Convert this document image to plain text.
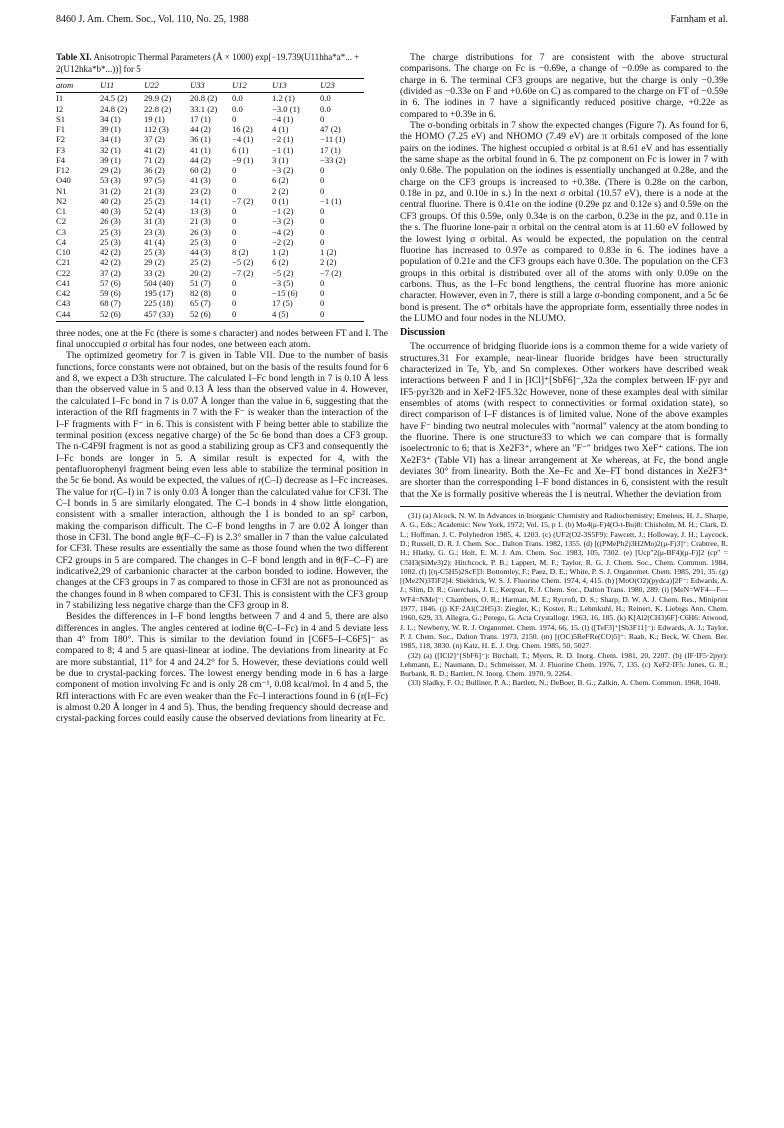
8460 J. Am. Chem. Soc., Vol. 110, No. 25, 1988	Farnham et al.
Table XI. Anisotropic Thermal Parameters (Å × 1000) exp[−19.739(U11hha*a*... + 2(U12hka*b*...))] for 5
atom	U11	U22	U33	U12	U13	U23
I1	24.5 (2)	29.9 (2)	20.8 (2)	0.0	1.2 (1)	0.0
I2	24.8 (2)	22.8 (2)	33.1 (2)	0.0	−3.0 (1)	0.0
S1	34 (1)	19 (1)	17 (1)	0	−4 (1)	0
F1	39 (1)	112 (3)	44 (2)	16 (2)	4 (1)	47 (2)
F2	34 (1)	37 (2)	36 (1)	−4 (1)	−2 (1)	−11 (1)
F3	32 (1)	41 (2)	41 (1)	6 (1)	−1 (1)	17 (1)
F4	39 (1)	71 (2)	44 (2)	−9 (1)	3 (1)	−33 (2)
F12	29 (2)	36 (2)	60 (2)	0	−3 (2)	0
O40	53 (3)	97 (5)	41 (3)	0	6 (2)	0
N1	31 (2)	21 (3)	23 (2)	0	2 (2)	0
N2	40 (2)	25 (2)	14 (1)	−7 (2)	0 (1)	−1 (1)
C1	40 (3)	52 (4)	13 (3)	0	−1 (2)	0
C2	26 (3)	31 (3)	21 (3)	0	−3 (2)	0
C3	25 (3)	23 (3)	26 (3)	0	−4 (2)	0
C4	25 (3)	41 (4)	25 (3)	0	−2 (2)	0
C10	42 (2)	25 (3)	44 (3)	8 (2)	1 (2)	1 (2)
C21	42 (2)	29 (2)	25 (2)	−5 (2)	6 (2)	2 (2)
C22	37 (2)	33 (2)	20 (2)	−7 (2)	−5 (2)	−7 (2)
C41	57 (6)	504 (40)	51 (7)	0	−3 (5)	0
C42	59 (6)	195 (17)	82 (8)	0	−15 (6)	0
C43	68 (7)	225 (18)	65 (7)	0	17 (5)	0
C44	52 (6)	457 (33)	52 (6)	0	4 (5)	0

three nodes, one at the Fc (there is some s character) and nodes between FT and I. The final unoccupied σ orbital has four nodes, one between each atom.

The optimized geometry for 7 is given in Table VII. Due to the number of basis functions, force constants were not obtained, but on the basis of the results found for 6 and 8, we expect a D3h structure. The calculated I–Fc bond length in 7 is 0.10 Å less than the observed value in 5 and 0.13 Å less than the observed value in 4. However, the calculated I–Fc bond in 7 is 0.07 Å longer than the value in 6, suggesting that the interaction of the RfI fragments in 7 with the F⁻ is weaker than the interaction of the I–F fragments with F⁻ in 6. This is consistent with F being better able to stabilize the terminal position (excess negative charge) of the 5c 6e bond than does a CF3 group. The n-C4F9I fragment is not as good a stabilizing group as CF3 and consequently the I–Fc bonds are longer in 5. A similar result is expected for 4, with the pentafluorophenyl fragment being even less able to stabilize the terminal position in the 5c 6e bond. As would be expected, the values of r(C–I) decrease as I–Fc increases. The value for r(C–I) in 7 is only 0.03 Å longer than the calculated value for CF3I. The C–I bonds in 5 are similarly elongated. The C–I bonds in 4 show little elongation, consistent with a smaller interaction, although the I is bonded to an sp² carbon, making the comparison difficult. The C–F bond lengths in 7 are 0.02 Å longer than those in CF3I. The bond angle θ(F–C–F) is 2.3° smaller in 7 than the value calculated for CF3I. These results are essentially the same as those found when the two different CF2 groups in 5 are compared. The changes in C–F bond length and in θ(F–C–F) are indicative2,29 of carbanionic character at the carbon bonded to iodine. However, the changes at the CF3 groups in 7 as compared to those in CF3I are not as pronounced as the changes found in 8 when compared to CF3I. This is consistent with the CF3 group in 7 stabilizing less negative charge than the CF3 group in 8.

Besides the differences in I–F bond lengths between 7 and 4 and 5, there are also differences in angles. The angles centered at iodine θ(C–I–Fc) in 4 and 5 deviate less than 4° from 180°. This is similar to the deviation found in [C6F5–I–C6F5]⁻ as compared to 8; 4 and 5 are quasi-linear at iodine. The deviations from linearity at Fc are more substantial, 11° for 4 and 24.2° for 5. However, these deviations could well be due to crystal-packing forces. The lowest energy bending mode in 6 has a large component of motion involving Fc and is only 28 cm⁻¹, 0.08 kcal/mol. In 4 and 5, the RfI interactions with Fc are even weaker than the Fc–I interactions found in 6 (r(I–Fc) is almost 0.20 Å longer in 4 and 5). Thus, the bending frequency should decrease and crystal-packing forces could easily cause the observed deviations from linearity at Fc.

The charge distributions for 7 are consistent with the above structural comparisons. The charge on Fc is −0.69e, a change of −0.09e as compared to the charge in 6. The terminal CF3 groups are negative, but the charge is only −0.39e (divided as −0.33e on F and +0.60e on C) as compared to the charge on FT of −0.59e in 6. The iodines in 7 have a significantly reduced positive charge, +0.22e as compared to +0.39e in 6.

The σ-bonding orbitals in 7 show the expected changes (Figure 7). As found for 6, the HOMO (7.25 eV) and NHOMO (7.49 eV) are π orbitals composed of the lone pairs on the iodines. The highest occupied σ orbital is at 8.61 eV and has essentially the same shape as the orbital found in 6. The pz component on Fc is lower in 7 with only 0.68e. The population on the iodines is essentially unchanged at 0.28e, and the charge on the CF3 groups is increased to +0.38e. (There is 0.28e on the carbon, 0.18e in pz, and 0.10e in s.) In the next σ orbital (10.57 eV), there is a node at the central fluorine. There is 0.41e on the iodine (0.29e pz and 0.12e s) and 0.59e on the CF3 groups. Of this 0.59e, only 0.34e is on the carbon, 0.23e in the pz, and 0.11e in the s. The fluorine lone-pair π orbital on the central atom is at 11.60 eV followed by the lowest lying σ orbital. As would be expected, the population on the central fluorine has increased to 0.97e as compared to 0.83e in 6. The iodines have a population of 0.21e and the CF3 groups each have 0.30e. The population on the CF3 groups in this orbital is distributed over all of the atoms with only 0.09e on the carbons. Thus, as the I–Fc bond lengthens, the central fluorine has more anionic character. However, even in 7, there is still a large σ-bonding component, and a 5c 6e bond is present. The σ* orbitals have the appropriate form, essentially three nodes in the LUMO and four nodes in the NLUMO.

Discussion

The occurrence of bridging fluoride ions is a common theme for a wide variety of structures.31 For example, near-linear fluoride bridges have been structurally characterized in Te, Yb, and Sn complexes. Other workers have described weak interactions between F and I in [ICl]⁺[SbF6]⁻,32a the complex between IF·pyr and IF5·pyr32b and in XeF2·IF5.32c However, none of these examples deal with similar ensembles of atoms (with respect to connectivities or formal oxidation state), so direct comparison of I–F distances is of limited value. None of the above examples have F⁻ binding two neutral molecules with "normal" valency at the atom bonding to the fluorine. There is one structure33 to which we can compare that is formally isoelectronic to 6; that is Xe2F3⁺, where an "F⁻" bridges two XeF⁺ cations. The ion Xe2F3⁺ (Table VI) has a linear arrangement at Xe whereas, at Fc, the bond angle deviates 30° from linearity. Both the Xe–Fc and Xe–FT bond distances in Xe2F3⁺ are shorter than the corresponding I–F bond distances in 6, consistent with the result that the Xe is formally positive whereas the I is neutral. Whether the deviation from

(31) (a) Alcock, N. W. In Advances in Inorganic Chemistry and Radiochemistry; Emeleus, H. J., Sharpe, A. G., Eds.; Academic: New York, 1972; Vol. 15, p 1. (b) Mo4(μ-F)4(O-t-Bu)8: Chisholm, M. H.; Clark, D. L.; Hoffman, J. C. Polyhedron 1985, 4, 1203. (c) (UF2(O2-3S5F9): Fawcett, J.; Holloway, J. H.; Laycock, D.; Russell, D. R. J. Chem. Soc., Dalton Trans. 1982, 1355. (d) [((PMePh2)3H2Mo)2(μ-F)3]⁺: Crabtree, R. H.; Hlatky, G. G.; Holt, E. M. J. Am. Chem. Soc. 1983, 105, 7302. (e) [Ucp″2(μ-BF4)(μ-F)]2 (cp″ = C5H3(SiMe3)2): Hitchcock, P. B.; Lappert, M. F.; Taylor, R. G. J. Chem. Soc., Chem. Commun. 1984, 1082. (f) [(η-C5H5)2ScF]3: Bottomley, F.; Paez, D. E.; White, P. S. J. Organomet. Chem. 1985, 291, 35. (g) [(Me2N)3TiF2]4: Sheldrick, W. S. J. Fluorine Chem. 1974, 4, 415. (h) [MoO(O2)(pydca)]2F⁻: Edwards, A. J.; Slim, D. R.; Guerchais, J. E.; Kergoat, R. J. Chem. Soc., Dalton Trans. 1980, 289. (i) [MeN=WF4—F—WF4=NMe]⁻: Chambers, O. R.; Harman, M. E.; Rycroft, D. S.; Sharp, D. W. A. J. Chem. Res., Miniprint 1977, 1846. (j) KF·2Al(C2H5)3: Ziegler, K.; Koster, R.; Lehmkuhl, H.; Reinert, K. Liebigs Ann. Chem. 1960, 629, 33. Allegra, G.; Perego, G. Acta Crystallogr. 1963, 16, 185. (k) K[Al2(CH3)6F]·C6H6: Atwood, J. L.; Newberry, W. R. J. Organomet. Chem. 1974, 66, 15. (l) ([TeF3]⁺[Sb3F11]⁻): Edwards, A. J.; Taylor, P. J. Chem. Soc., Dalton Trans. 1973, 2150. (m) [(OC)5ReFRe(CO)5]⁺: Raab, K.; Beck, W. Chem. Ber. 1985, 118, 3830. (n) Katz, H. E. J. Org. Chem. 1985, 50, 5027.

(32) (a) ([ICl2]⁺[SbF6]⁻): Birchall, T.; Myers, R. D. Inorg. Chem. 1981, 20, 2207. (b) (IF·IF5·2pyr): Lehmann, E.; Naumann, D.; Schmeisser, M. J. Fluorine Chem. 1976, 7, 135. (c) XeF2·IF5: Jones, G. R.; Burbank, R. D.; Bartlett, N. Inorg. Chem. 1970, 9, 2264.

(33) Sladky, F. O.; Bulliner, P. A.; Bartlett, N.; DeBoer, B. G.; Zalkin, A. Chem. Commun. 1968, 1048.
